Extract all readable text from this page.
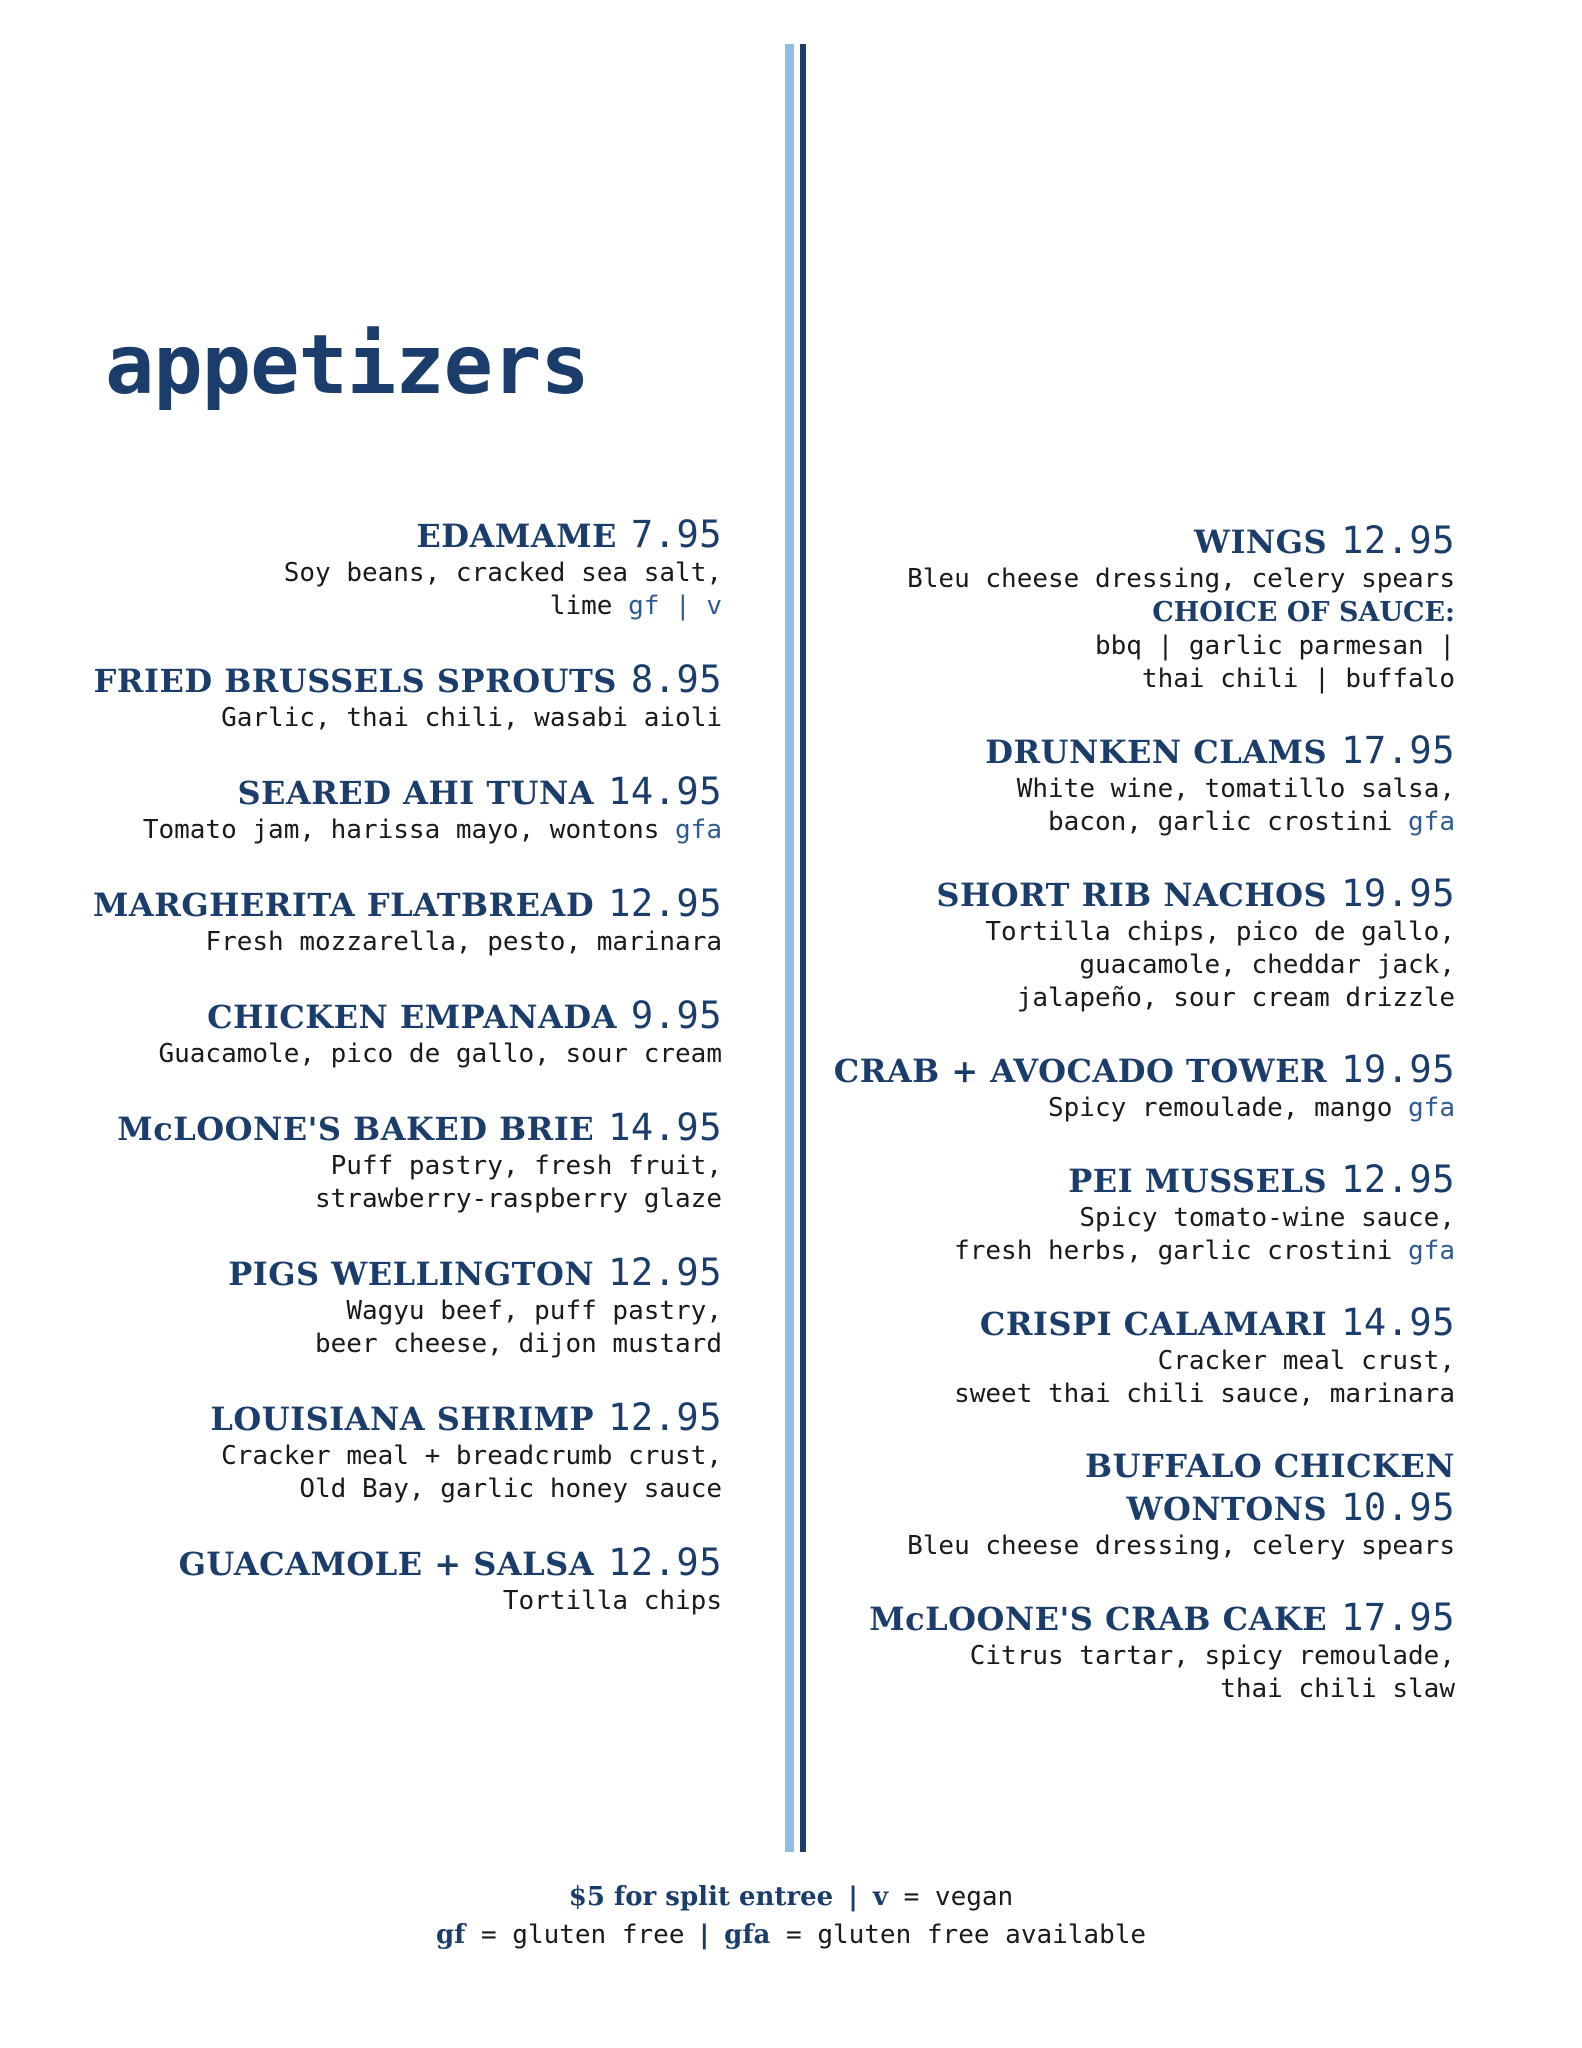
appetizers
EDAMAME 7.95
Soy beans, cracked sea salt,
lime gf | v
FRIED BRUSSELS SPROUTS 8.95
Garlic, thai chili, wasabi aioli
SEARED AHI TUNA 14.95
Tomato jam, harissa mayo, wontons gfa
MARGHERITA FLATBREAD 12.95
Fresh mozzarella, pesto, marinara
CHICKEN EMPANADA 9.95
Guacamole, pico de gallo, sour cream
McLOONE'S BAKED BRIE 14.95
Puff pastry, fresh fruit,
strawberry-raspberry glaze
PIGS WELLINGTON 12.95
Wagyu beef, puff pastry,
beer cheese, dijon mustard
LOUISIANA SHRIMP 12.95
Cracker meal + breadcrumb crust,
Old Bay, garlic honey sauce
GUACAMOLE + SALSA 12.95
Tortilla chips
WINGS 12.95
Bleu cheese dressing, celery spears
CHOICE OF SAUCE:
bbq | garlic parmesan |
thai chili | buffalo
DRUNKEN CLAMS 17.95
White wine, tomatillo salsa,
bacon, garlic crostini gfa
SHORT RIB NACHOS 19.95
Tortilla chips, pico de gallo,
guacamole, cheddar jack,
jalapeño, sour cream drizzle
CRAB + AVOCADO TOWER 19.95
Spicy remoulade, mango gfa
PEI MUSSELS 12.95
Spicy tomato-wine sauce,
fresh herbs, garlic crostini gfa
CRISPI CALAMARI 14.95
Cracker meal crust,
sweet thai chili sauce, marinara
BUFFALO CHICKEN
WONTONS 10.95
Bleu cheese dressing, celery spears
McLOONE'S CRAB CAKE 17.95
Citrus tartar, spicy remoulade,
thai chili slaw
$5 for split entree | v = vegan
gf = gluten free | gfa = gluten free available
